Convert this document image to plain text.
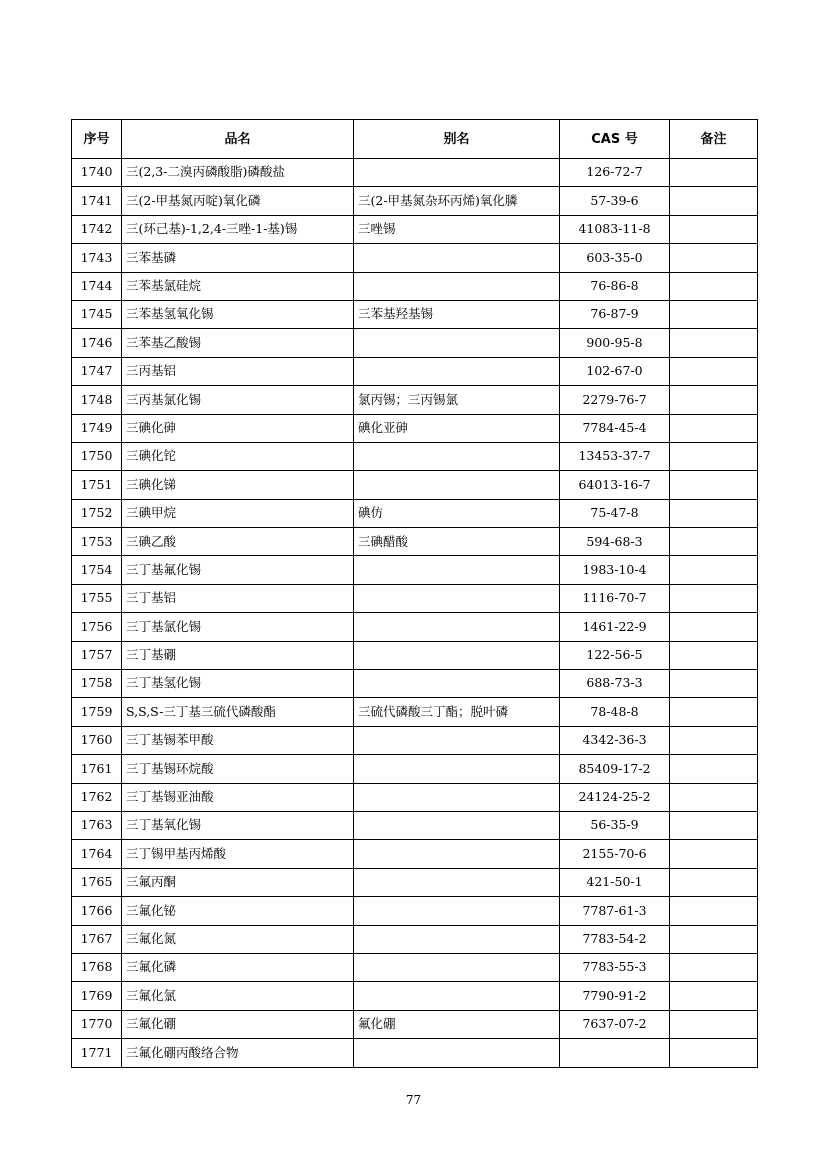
序号	品名	别名	CAS 号	备注
1740	三(2,3-二溴丙磷酸脂)磷酸盐		126-72-7	
1741	三(2-甲基氮丙啶)氧化磷	三(2-甲基氮杂环丙烯)氧化膦	57-39-6	
1742	三(环己基)-1,2,4-三唑-1-基)锡	三唑锡	41083-11-8	
1743	三苯基磷		603-35-0	
1744	三苯基氯硅烷		76-86-8	
1745	三苯基氢氧化锡	三苯基羟基锡	76-87-9	
1746	三苯基乙酸锡		900-95-8	
1747	三丙基铝		102-67-0	
1748	三丙基氯化锡	氯丙锡；三丙锡氯	2279-76-7	
1749	三碘化砷	碘化亚砷	7784-45-4	
1750	三碘化铊		13453-37-7	
1751	三碘化锑		64013-16-7	
1752	三碘甲烷	碘仿	75-47-8	
1753	三碘乙酸	三碘醋酸	594-68-3	
1754	三丁基氟化锡		1983-10-4	
1755	三丁基铝		1116-70-7	
1756	三丁基氯化锡		1461-22-9	
1757	三丁基硼		122-56-5	
1758	三丁基氢化锡		688-73-3	
1759	S,S,S-三丁基三硫代磷酸酯	三硫代磷酸三丁酯；脱叶磷	78-48-8	
1760	三丁基锡苯甲酸		4342-36-3	
1761	三丁基锡环烷酸		85409-17-2	
1762	三丁基锡亚油酸		24124-25-2	
1763	三丁基氧化锡		56-35-9	
1764	三丁锡甲基丙烯酸		2155-70-6	
1765	三氟丙酮		421-50-1	
1766	三氟化铋		7787-61-3	
1767	三氟化氮		7783-54-2	
1768	三氟化磷		7783-55-3	
1769	三氟化氯		7790-91-2	
1770	三氟化硼	氟化硼	7637-07-2	
1771	三氟化硼丙酸络合物			
77
